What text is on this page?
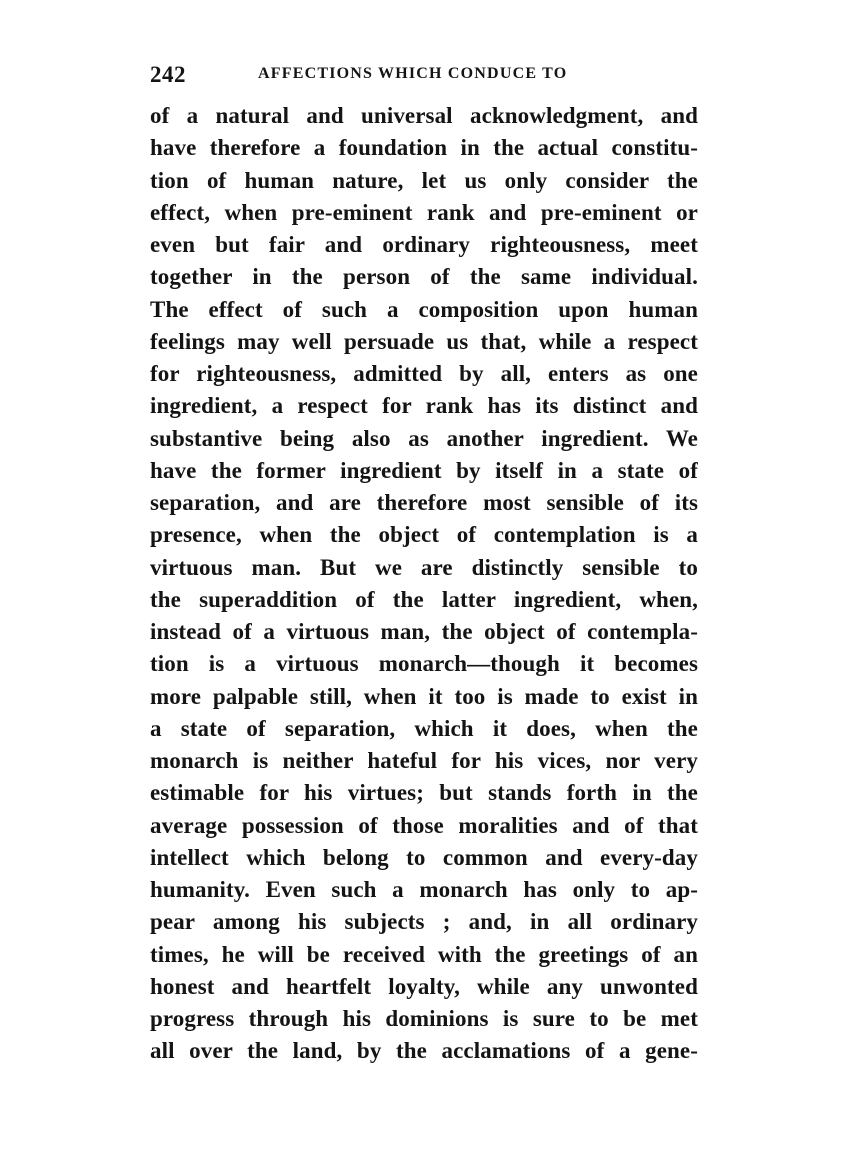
242	AFFECTIONS WHICH CONDUCE TO
of a natural and universal acknowledgment, and
have therefore a foundation in the actual constitu-
tion of human nature, let us only consider the
effect, when pre-eminent rank and pre-eminent or
even but fair and ordinary righteousness, meet
together in the person of the same individual.
The effect of such a composition upon human
feelings may well persuade us that, while a respect
for righteousness, admitted by all, enters as one
ingredient, a respect for rank has its distinct and
substantive being also as another ingredient. We
have the former ingredient by itself in a state of
separation, and are therefore most sensible of its
presence, when the object of contemplation is a
virtuous man. But we are distinctly sensible to
the superaddition of the latter ingredient, when,
instead of a virtuous man, the object of contempla-
tion is a virtuous monarch—though it becomes
more palpable still, when it too is made to exist in
a state of separation, which it does, when the
monarch is neither hateful for his vices, nor very
estimable for his virtues; but stands forth in the
average possession of those moralities and of that
intellect which belong to common and every-day
humanity. Even such a monarch has only to ap-
pear among his subjects ; and, in all ordinary
times, he will be received with the greetings of an
honest and heartfelt loyalty, while any unwonted
progress through his dominions is sure to be met
all over the land, by the acclamations of a gene-
